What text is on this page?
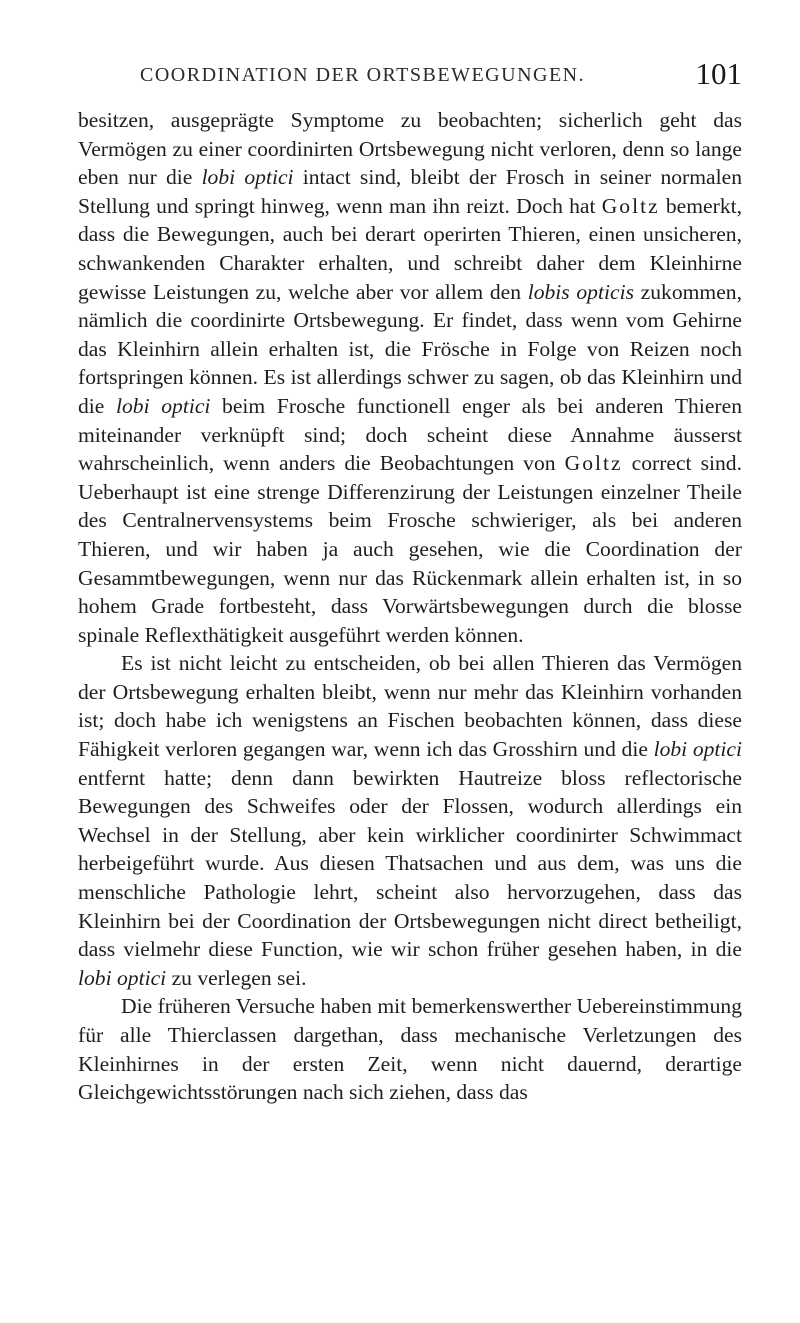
COORDINATION DER ORTSBEWEGUNGEN.	101

besitzen, ausgeprägte Symptome zu beobachten; sicherlich geht das Vermögen zu einer coordinirten Ortsbewegung nicht verloren, denn so lange eben nur die lobi optici intact sind, bleibt der Frosch in seiner normalen Stellung und springt hinweg, wenn man ihn reizt. Doch hat Goltz bemerkt, dass die Bewegungen, auch bei derart operirten Thieren, einen unsicheren, schwankenden Charakter erhalten, und schreibt daher dem Kleinhirne gewisse Leistungen zu, welche aber vor allem den lobis opticis zukommen, nämlich die coordinirte Ortsbewegung. Er findet, dass wenn vom Gehirne das Kleinhirn allein erhalten ist, die Frösche in Folge von Reizen noch fortspringen können. Es ist allerdings schwer zu sagen, ob das Kleinhirn und die lobi optici beim Frosche functionell enger als bei anderen Thieren miteinander verknüpft sind; doch scheint diese Annahme äusserst wahrscheinlich, wenn anders die Beobachtungen von Goltz correct sind. Ueberhaupt ist eine strenge Differenzirung der Leistungen einzelner Theile des Centralnervensystems beim Frosche schwieriger, als bei anderen Thieren, und wir haben ja auch gesehen, wie die Coordination der Gesammtbewegungen, wenn nur das Rückenmark allein erhalten ist, in so hohem Grade fortbesteht, dass Vorwärtsbewegungen durch die blosse spinale Reflexthätigkeit ausgeführt werden können.

Es ist nicht leicht zu entscheiden, ob bei allen Thieren das Vermögen der Ortsbewegung erhalten bleibt, wenn nur mehr das Kleinhirn vorhanden ist; doch habe ich wenigstens an Fischen beobachten können, dass diese Fähigkeit verloren gegangen war, wenn ich das Grosshirn und die lobi optici entfernt hatte; denn dann bewirkten Hautreize bloss reflectorische Bewegungen des Schweifes oder der Flossen, wodurch allerdings ein Wechsel in der Stellung, aber kein wirklicher coordinirter Schwimmact herbeigeführt wurde. Aus diesen Thatsachen und aus dem, was uns die menschliche Pathologie lehrt, scheint also hervorzugehen, dass das Kleinhirn bei der Coordination der Ortsbewegungen nicht direct betheiligt, dass vielmehr diese Function, wie wir schon früher gesehen haben, in die lobi optici zu verlegen sei.

Die früheren Versuche haben mit bemerkenswerther Uebereinstimmung für alle Thierclassen dargethan, dass mechanische Verletzungen des Kleinhirnes in der ersten Zeit, wenn nicht dauernd, derartige Gleichgewichtsstörungen nach sich ziehen, dass das
